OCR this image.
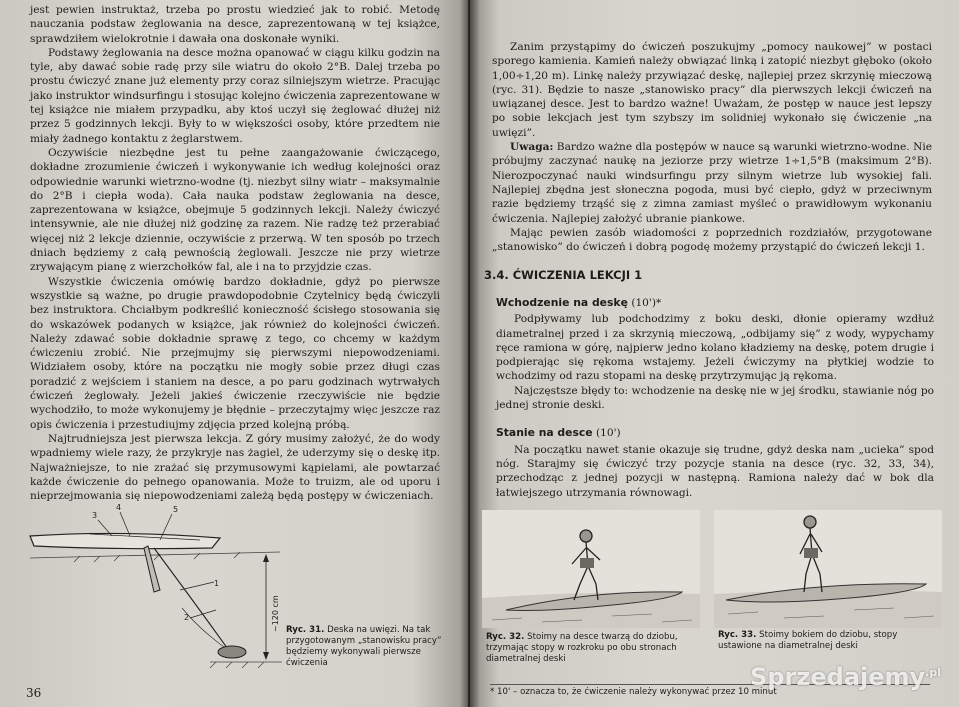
jest pewien instruktaż, trzeba po prostu wiedzieć jak to robić. Metodę nauczania podstaw żeglowania na desce, zaprezentowaną w tej książce, sprawdziłem wielokrotnie i dawała ona doskonałe wyniki.

Podstawy żeglowania na desce można opanować w ciągu kilku godzin na tyle, aby dawać sobie radę przy sile wiatru do około 2°B. Dalej trzeba po prostu ćwiczyć znane już elementy przy coraz silniejszym wietrze. Pracując jako instruktor windsurfingu i stosując kolejno ćwiczenia zaprezentowane w tej książce nie miałem przypadku, aby ktoś uczył się żeglować dłużej niż przez 5 godzinnych lekcji. Były to w większości osoby, które przedtem nie miały żadnego kontaktu z żeglarstwem.

Oczywiście niezbędne jest tu pełne zaangażowanie ćwiczącego, dokładne zrozumienie ćwiczeń i wykonywanie ich według kolejności oraz odpowiednie warunki wietrzno-wodne (tj. niezbyt silny wiatr – maksymalnie do 2°B i ciepła woda). Cała nauka podstaw żeglowania na desce, zaprezentowana w książce, obejmuje 5 godzinnych lekcji. Należy ćwiczyć intensywnie, ale nie dłużej niż godzinę za razem. Nie radzę też przerabiać więcej niż 2 lekcje dziennie, oczywiście z przerwą. W ten sposób po trzech dniach będziemy z całą pewnością żeglowali. Jeszcze nie przy wietrze zrywającym pianę z wierzchołków fal, ale i na to przyjdzie czas.

Wszystkie ćwiczenia omówię bardzo dokładnie, gdyż po pierwsze wszystkie są ważne, po drugie prawdopodobnie Czytelnicy będą ćwiczyli bez instruktora. Chciałbym podkreślić konieczność ścisłego stosowania się do wskazówek podanych w książce, jak również do kolejności ćwiczeń. Należy zdawać sobie dokładnie sprawę z tego, co chcemy w każdym ćwiczeniu zrobić. Nie przejmujmy się pierwszymi niepowodzeniami. Widziałem osoby, które na początku nie mogły sobie przez długi czas poradzić z wejściem i staniem na desce, a po paru godzinach wytrwałych ćwiczeń żeglowały. Jeżeli jakieś ćwiczenie rzeczywiście nie będzie wychodziło, to może wykonujemy je błędnie – przeczytajmy więc jeszcze raz opis ćwiczenia i przestudiujmy zdjęcia przed kolejną próbą.

Najtrudniejsza jest pierwsza lekcja. Z góry musimy założyć, że do wody wpadniemy wiele razy, że przykryje nas żagiel, że uderzymy się o deskę itp. Najważniejsze, to nie zrażać się przymusowymi kąpielami, ale powtarzać każde ćwiczenie do pełnego opanowania. Może to truizm, ale od uporu i nieprzejmowania się niepowodzeniami zależą będą postępy w ćwiczeniach.

1
2
3
4	5
~120 cm Ryc. 31. Deska na uwięzi. Na tak przygotowanym „stanowisku pracy” będziemy wykonywali pierwsze ćwiczenia
36

Zanim przystąpimy do ćwiczeń poszukujmy „pomocy naukowej” w postaci sporego kamienia. Kamień należy obwiązać linką i zatopić niezbyt głęboko (około 1,00÷1,20 m). Linkę należy przywiązać deskę, najlepiej przez skrzynię mieczową (ryc. 31). Będzie to nasze „stanowisko pracy” dla pierwszych lekcji ćwiczeń na uwiązanej desce. Jest to bardzo ważne! Uważam, że postęp w nauce jest lepszy po sobie lekcjach jest tym szybszy im solidniej wykonało się ćwiczenie „na uwięzi”.

Uwaga: Bardzo ważne dla postępów w nauce są warunki wietrzno-wodne. Nie próbujmy zaczynać naukę na jeziorze przy wietrze 1÷1,5°B (maksimum 2°B). Nierozpoczynać nauki windsurfingu przy silnym wietrze lub wysokiej fali. Najlepiej zbędna jest słoneczna pogoda, musi być ciepło, gdyż w przeciwnym razie będziemy trząść się z zimna zamiast myśleć o prawidłowym wykonaniu ćwiczenia. Najlepiej założyć ubranie piankowe.

Mając pewien zasób wiadomości z poprzednich rozdziałów, przygotowane „stanowisko” do ćwiczeń i dobrą pogodę możemy przystąpić do ćwiczeń lekcji 1.

3.4. ĆWICZENIA LEKCJI 1
Wchodzenie na deskę (10')*

Podpływamy lub podchodzimy z boku deski, dłonie opieramy wzdłuż diametralnej przed i za skrzynią mieczową, „odbijamy się” z wody, wypychamy ręce ramiona w górę, najpierw jedno kolano kładziemy na deskę, potem drugie i podpierając się rękoma wstajemy. Jeżeli ćwiczymy na płytkiej wodzie to wchodzimy od razu stopami na deskę przytrzymując ją rękoma.

Najczęstsze błędy to: wchodzenie na deskę nie w jej środku, stawianie nóg po jednej stronie deski.

Stanie na desce (10')

Na początku nawet stanie okazuje się trudne, gdyż deska nam „ucieka” spod nóg. Starajmy się ćwiczyć trzy pozycje stania na desce (ryc. 32, 33, 34), przechodząc z jednej pozycji w następną. Ramiona należy dać w bok dla łatwiejszego utrzymania równowagi.

Ryc. 32. Stoimy na desce twarzą do dziobu, trzymając stopy w rozkroku po obu stronach diametralnej deski
Ryc. 33. Stoimy bokiem do dziobu, stopy ustawione na diametralnej deski
* 10' – oznacza to, że ćwiczenie należy wykonywać przez 10 minut
Sprzedajemy$^{.pl}$
